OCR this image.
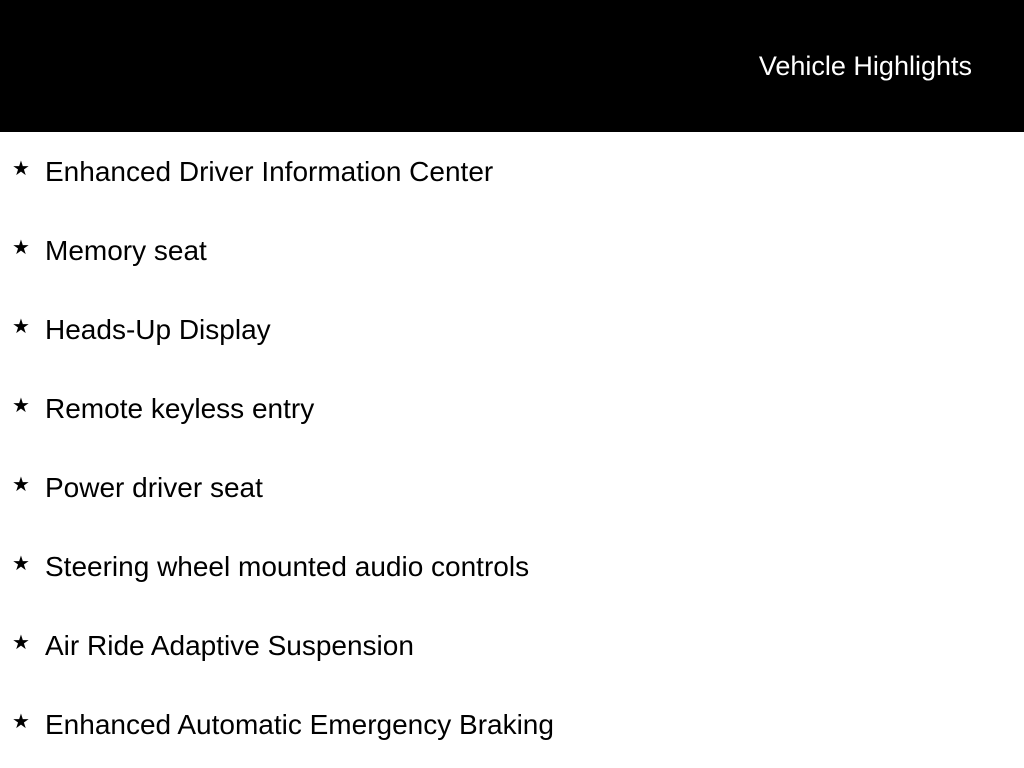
Vehicle Highlights
★ Enhanced Driver Information Center
★ Memory seat
★ Heads-Up Display
★ Remote keyless entry
★ Power driver seat
★ Steering wheel mounted audio controls
★ Air Ride Adaptive Suspension
★ Enhanced Automatic Emergency Braking
